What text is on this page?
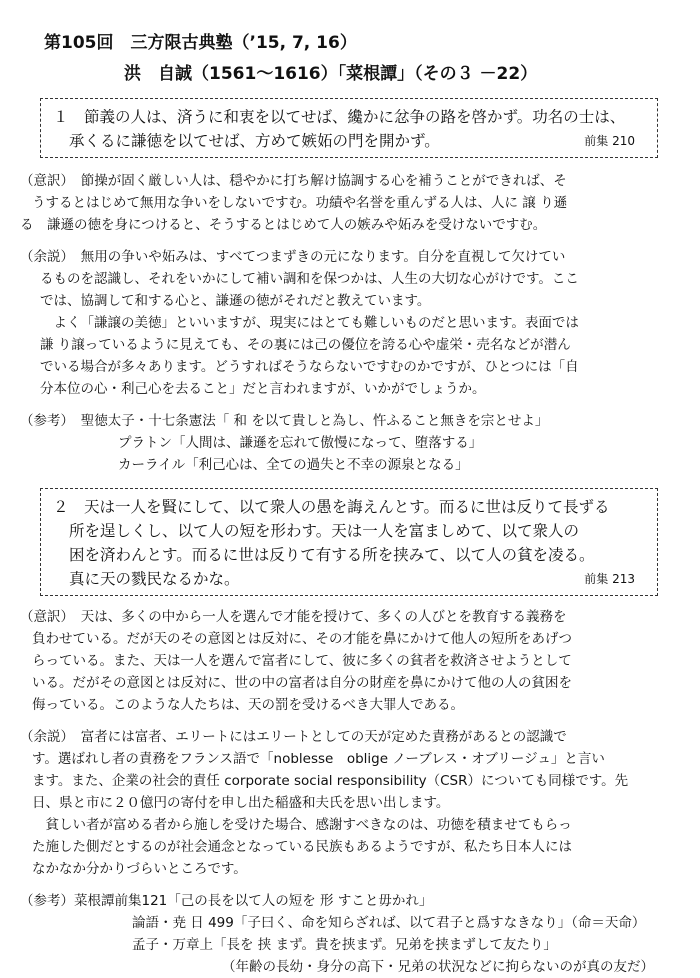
第105回　三方限古典塾（’15, 7, 16）
洪　自誠（1561～1616）「菜根譚」（その３ －22）

１　節義の人は、済うに和衷を以てせば、纔かに忿争の路を啓かず。功名の士は、

承くるに謙徳を以てせば、方めて嫉妬の門を開かず。	前集 210

（意訳）　節操が固く厳しい人は、穏やかに打ち解け協調する心を補うことができれば、そ

うするとはじめて無用な争いをしないですむ。功績や名誉を重んずる人は、人に 譲 り遜

る　謙遜の徳を身につけると、そうするとはじめて人の嫉みや妬みを受けないですむ。

（余説）　無用の争いや妬みは、すべてつまずきの元になります。自分を直視して欠けてい

るものを認識し、それをいかにして補い調和を保つかは、人生の大切な心がけです。ここ

では、協調して和する心と、謙遜の徳がそれだと教えています。

　よく「謙譲の美徳」といいますが、現実にはとても難しいものだと思います。表面では

謙 り譲っているように見えても、その裏には己の優位を誇る心や虚栄・売名などが潜ん

でいる場合が多々あります。どうすればそうならないですむのかですが、ひとつには「自

分本位の心・利己心を去ること」だと言われますが、いかがでしょうか。

（参考）　聖徳太子・十七条憲法「 和 を以て貴しと為し、忤ふること無きを宗とせよ」

プラトン「人間は、謙遜を忘れて傲慢になって、堕落する」

カーライル「利己心は、全ての過失と不幸の源泉となる」

２　天は一人を賢にして、以て衆人の愚を誨えんとす。而るに世は反りて長ずる

所を逞しくし、以て人の短を形わす。天は一人を富ましめて、以て衆人の

困を済わんとす。而るに世は反りて有する所を挟みて、以て人の貧を凌る。

真に天の戮民なるかな。	前集 213

（意訳）　天は、多くの中から一人を選んで才能を授けて、多くの人びとを教育する義務を

負わせている。だが天のその意図とは反対に、その才能を鼻にかけて他人の短所をあげつ

らっている。また、天は一人を選んで富者にして、彼に多くの貧者を救済させようとして

いる。だがその意図とは反対に、世の中の富者は自分の財産を鼻にかけて他の人の貧困を

侮っている。このような人たちは、天の罰を受けるべき大罪人である。

（余説）　富者には富者、エリートにはエリートとしての天が定めた責務があるとの認識で

す。選ばれし者の責務をフランス語で「noblesse　oblige ノーブレス・オブリージュ」と言い

ます。また、企業の社会的責任 corporate social responsibility（CSR）についても同様です。先

日、県と市に２０億円の寄付を申し出た稲盛和夫氏を思い出します。

　貧しい者が富める者から施しを受けた場合、感謝すべきなのは、功徳を積ませてもらっ

た施した側だとするのが社会通念となっている民族もあるようですが、私たち日本人には

なかなか分かりづらいところです。

（参考）菜根譚前集121「己の長を以て人の短を 形 すこと毋かれ」

論語・尭 日 499「子曰く、命を知らざれば、以て君子と爲すなきなり」（命＝天命）

孟子・万章上「長を 挟 まず。貴を挟まず。兄弟を挟まずして友たり」

（年齢の長幼・身分の高下・兄弟の状況などに拘らないのが真の友だ）
